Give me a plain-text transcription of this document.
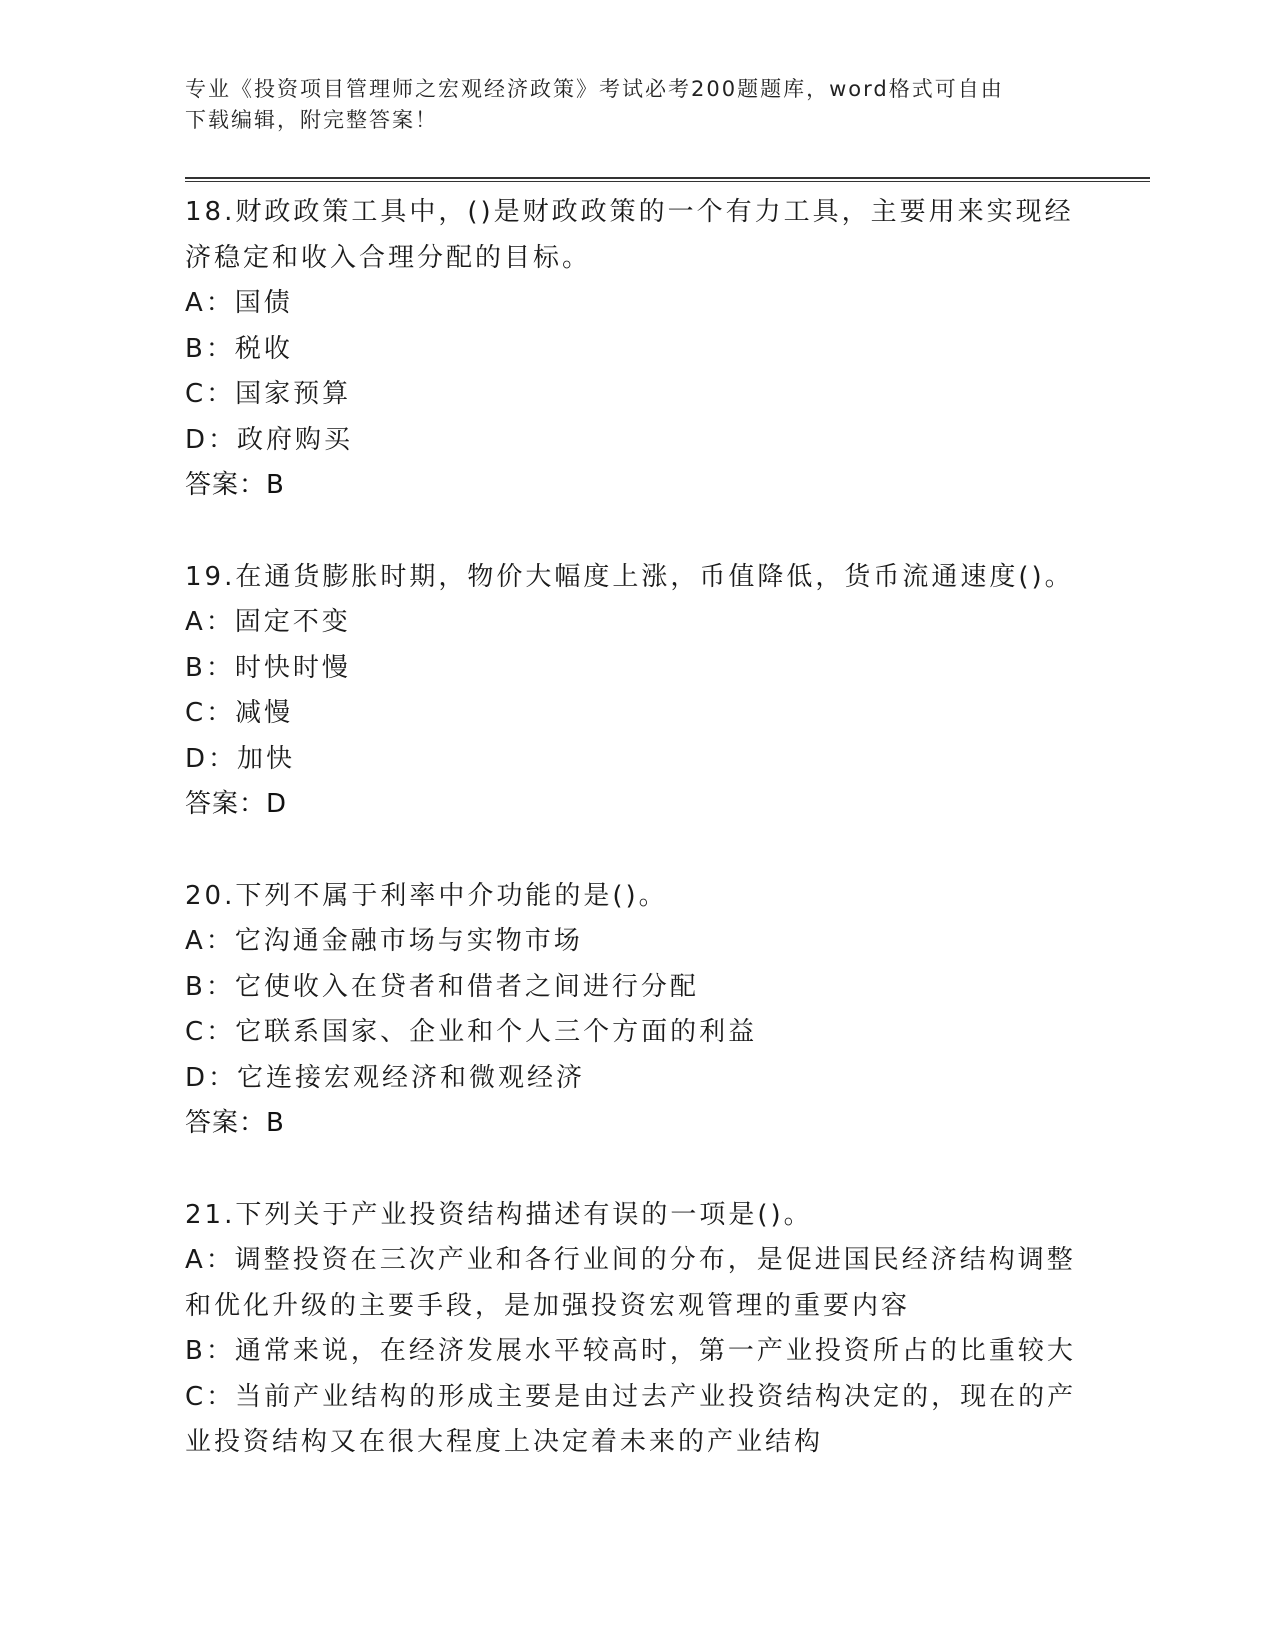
专业《投资项目管理师之宏观经济政策》考试必考200题题库，word格式可自由
下载编辑，附完整答案！
18.财政政策工具中，()是财政政策的一个有力工具，主要用来实现经
济稳定和收入合理分配的目标。
A：国债
B：税收
C：国家预算
D：政府购买
答案：B
19.在通货膨胀时期，物价大幅度上涨，币值降低，货币流通速度()。
A：固定不变
B：时快时慢
C：减慢
D：加快
答案：D
20.下列不属于利率中介功能的是()。
A：它沟通金融市场与实物市场
B：它使收入在贷者和借者之间进行分配
C：它联系国家、企业和个人三个方面的利益
D：它连接宏观经济和微观经济
答案：B
21.下列关于产业投资结构描述有误的一项是()。
A：调整投资在三次产业和各行业间的分布，是促进国民经济结构调整
和优化升级的主要手段，是加强投资宏观管理的重要内容
B：通常来说，在经济发展水平较高时，第一产业投资所占的比重较大
C：当前产业结构的形成主要是由过去产业投资结构决定的，现在的产
业投资结构又在很大程度上决定着未来的产业结构
